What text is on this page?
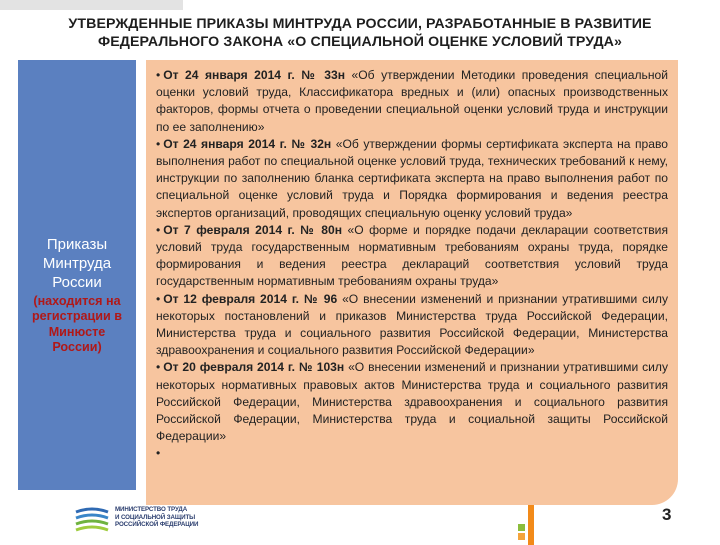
УТВЕРЖДЕННЫЕ ПРИКАЗЫ МИНТРУДА РОССИИ, РАЗРАБОТАННЫЕ В РАЗВИТИЕ
ФЕДЕРАЛЬНОГО ЗАКОНА «О СПЕЦИАЛЬНОЙ ОЦЕНКЕ УСЛОВИЙ ТРУДА»
Приказы
Минтруда
России
(находится на
регистрации в
Минюсте
России)

• От 24 января 2014 г. № 33н «Об утверждении Методики проведения специальной оценки условий труда, Классификатора вредных и (или) опасных производственных факторов, формы отчета о проведении специальной оценки условий труда и инструкции по ее заполнению»

• От 24 января 2014 г. № 32н «Об утверждении формы сертификата эксперта на право выполнения работ по специальной оценке условий труда, технических требований к нему, инструкции по заполнению бланка сертификата эксперта на право выполнения работ по специальной оценке условий труда и Порядка формирования и ведения реестра экспертов организаций, проводящих специальную оценку условий труда»

• От 7 февраля 2014 г. № 80н «О форме и порядке подачи декларации соответствия условий труда государственным нормативным требованиям охраны труда, порядке формирования и ведения реестра деклараций соответствия условий труда государственным нормативным требованиям охраны труда»

• От 12 февраля 2014 г. № 96 «О внесении изменений и признании утратившими силу некоторых постановлений и приказов Министерства труда Российской Федерации, Министерства труда и социального развития Российской Федерации, Министерства здравоохранения и социального развития Российской Федерации»

• От 20 февраля 2014 г. № 103н «О внесении изменений и признании утратившими силу некоторых нормативных правовых актов Министерства труда и социального развития Российской Федерации, Министерства здравоохранения и социального развития Российской Федерации, Министерства труда и социальной защиты Российской Федерации»

•
МИНИСТЕРСТВО ТРУДА
И СОЦИАЛЬНОЙ ЗАЩИТЫ
РОССИЙСКОЙ ФЕДЕРАЦИИ
3
